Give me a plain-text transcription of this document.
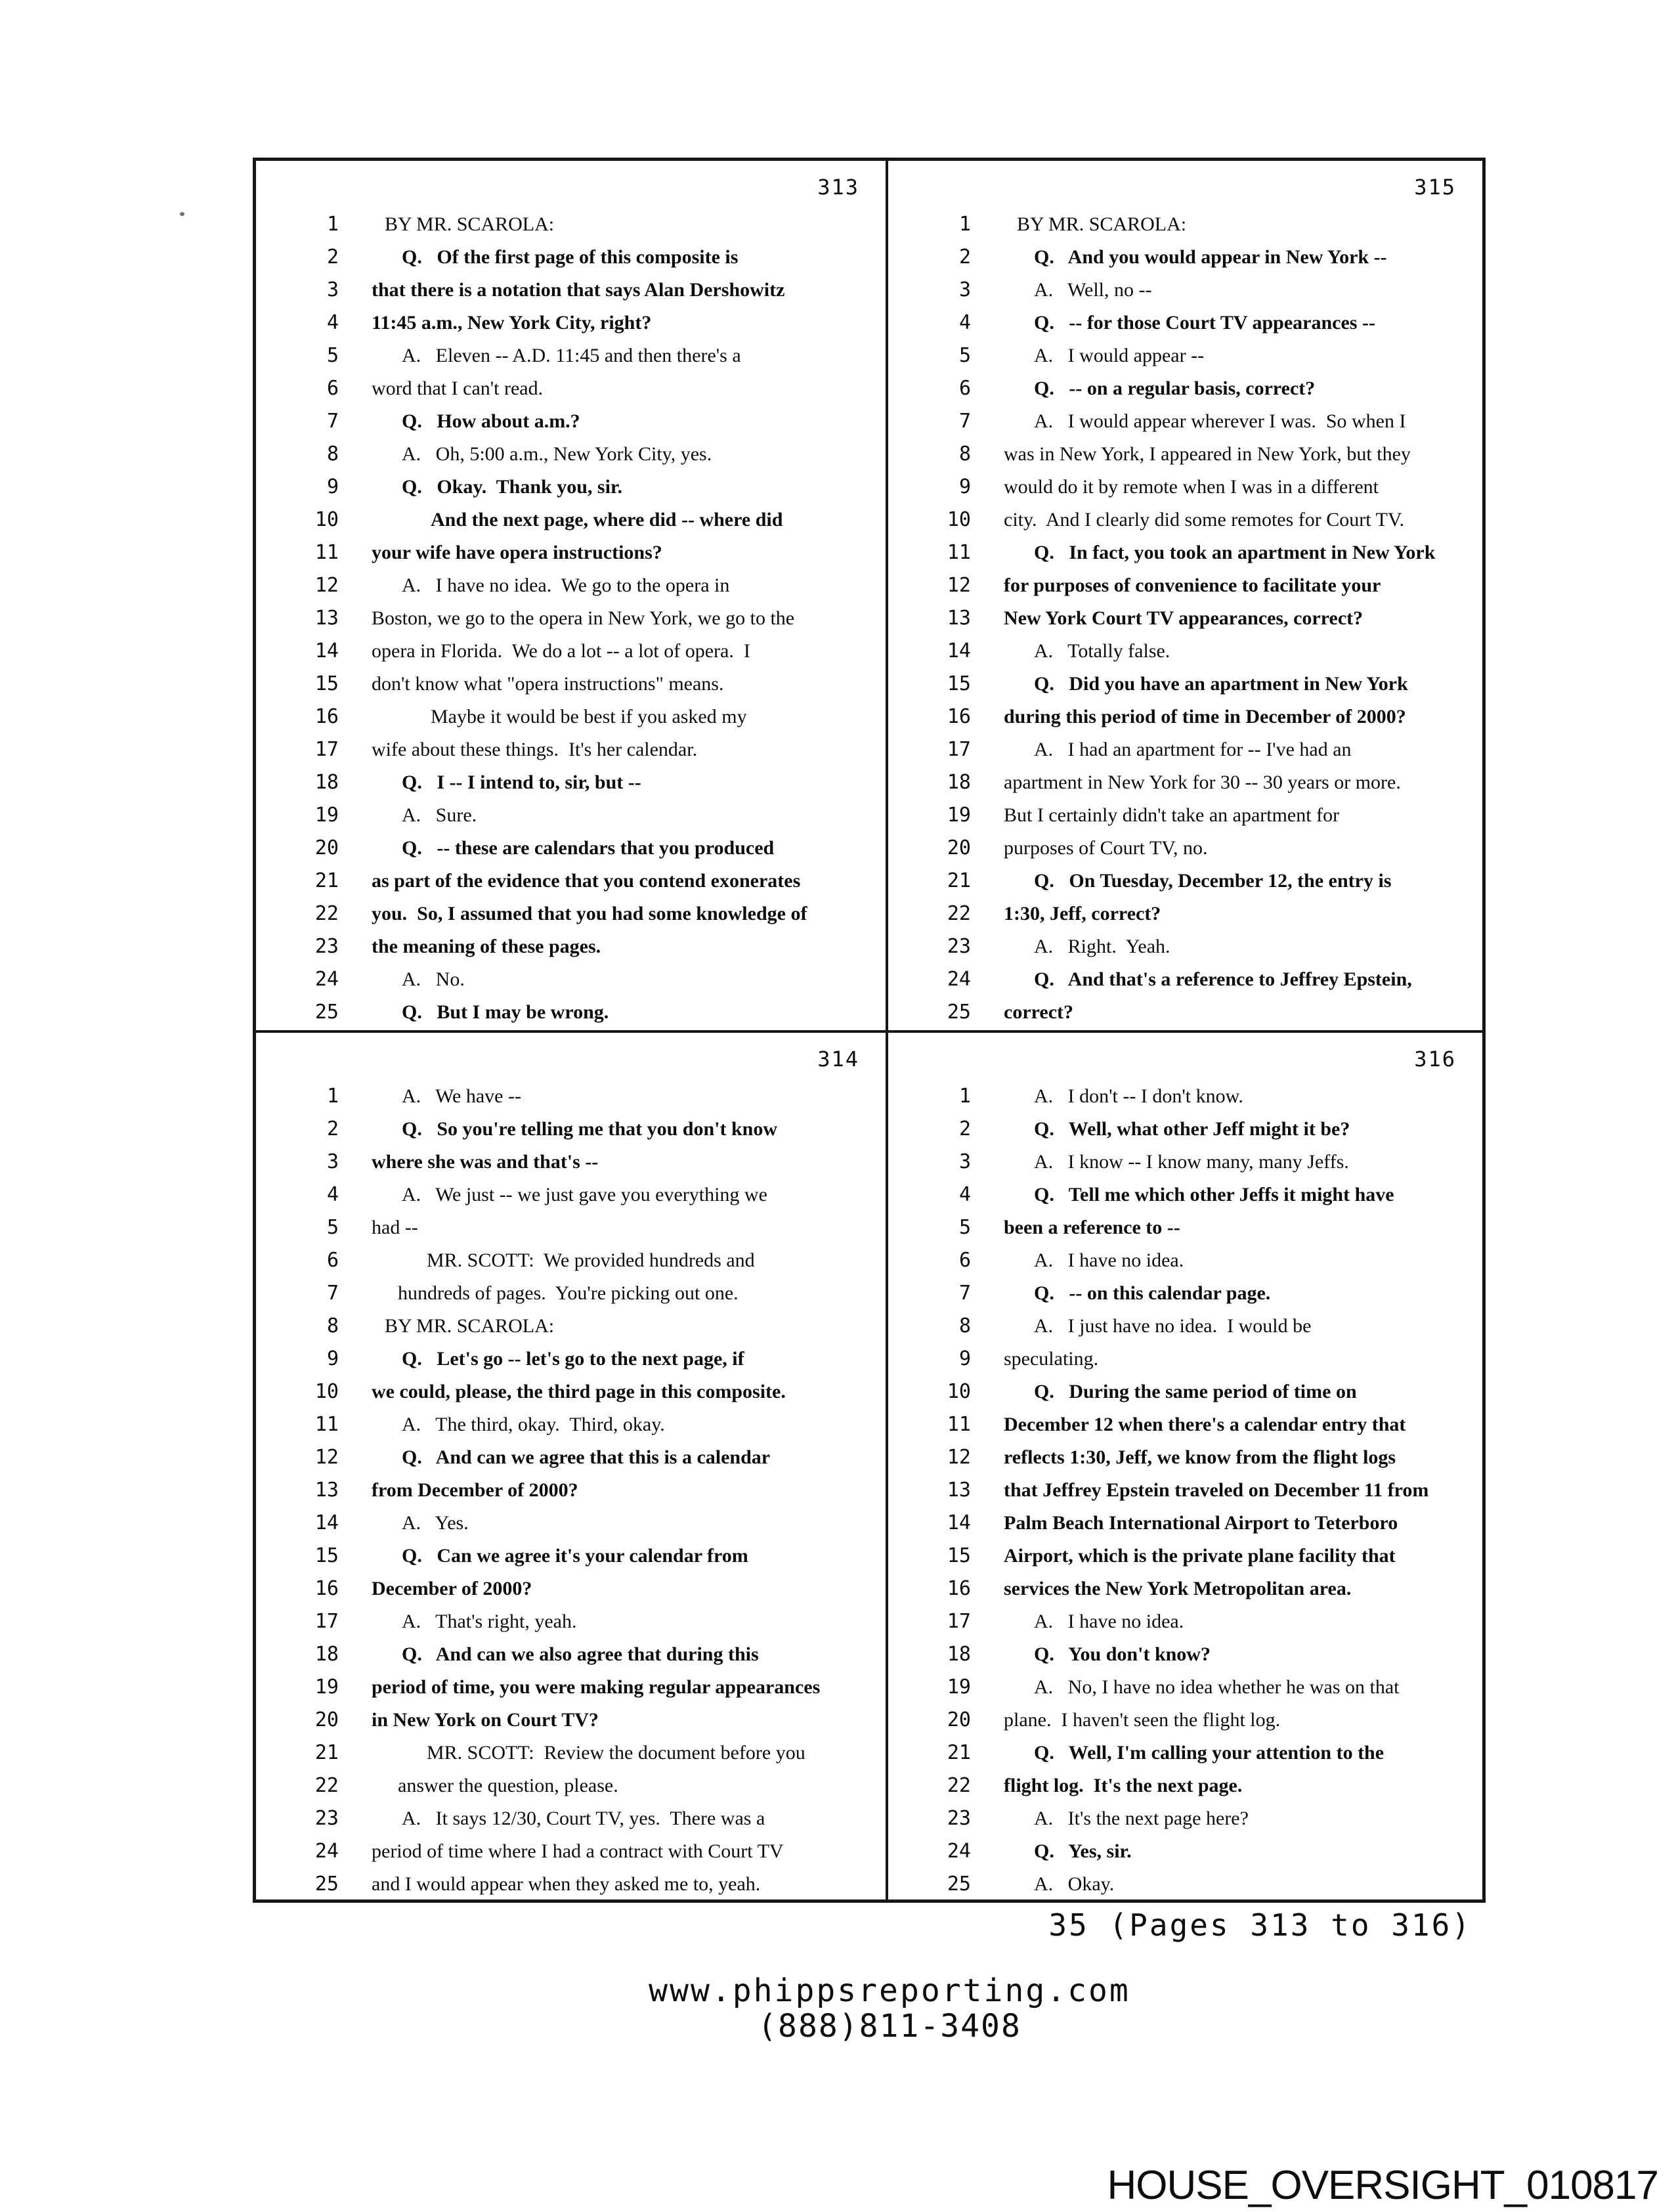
313
1	BY MR. SCAROLA:
2	Q.   Of the first page of this composite is
3 that there is a notation that says Alan Dershowitz
4 11:45 a.m., New York City, right?
5	A.   Eleven -- A.D. 11:45 and then there's a
6 word that I can't read.
7	Q.   How about a.m.?
8	A.   Oh, 5:00 a.m., New York City, yes.
9	Q.   Okay.  Thank you, sir.
10	And the next page, where did -- where did
11 your wife have opera instructions?
12	A.   I have no idea.  We go to the opera in
13 Boston, we go to the opera in New York, we go to the
14 opera in Florida.  We do a lot -- a lot of opera.  I
15 don't know what "opera instructions" means.
16	Maybe it would be best if you asked my
17 wife about these things.  It's her calendar.
18	Q.   I -- I intend to, sir, but --
19	A.   Sure.
20	Q.   -- these are calendars that you produced
21 as part of the evidence that you contend exonerates
22 you.  So, I assumed that you had some knowledge of
23 the meaning of these pages.
24	A.   No.
25	Q.   But I may be wrong.
315
1	BY MR. SCAROLA:
2	Q.   And you would appear in New York --
3	A.   Well, no --
4	Q.   -- for those Court TV appearances --
5	A.   I would appear --
6	Q.   -- on a regular basis, correct?
7	A.   I would appear wherever I was.  So when I
8 was in New York, I appeared in New York, but they
9 would do it by remote when I was in a different
10 city.  And I clearly did some remotes for Court TV.
11	Q.   In fact, you took an apartment in New York
12 for purposes of convenience to facilitate your
13 New York Court TV appearances, correct?
14	A.   Totally false.
15	Q.   Did you have an apartment in New York
16 during this period of time in December of 2000?
17	A.   I had an apartment for -- I've had an
18 apartment in New York for 30 -- 30 years or more.
19 But I certainly didn't take an apartment for
20 purposes of Court TV, no.
21	Q.   On Tuesday, December 12, the entry is
22 1:30, Jeff, correct?
23	A.   Right.  Yeah.
24	Q.   And that's a reference to Jeffrey Epstein,
25 correct?
314
1	A.   We have --
2	Q.   So you're telling me that you don't know
3 where she was and that's --
4	A.   We just -- we just gave you everything we
5 had --
6	MR. SCOTT:  We provided hundreds and
7	hundreds of pages.  You're picking out one.
8	BY MR. SCAROLA:
9	Q.   Let's go -- let's go to the next page, if
10 we could, please, the third page in this composite.
11	A.   The third, okay.  Third, okay.
12	Q.   And can we agree that this is a calendar
13 from December of 2000?
14	A.   Yes.
15	Q.   Can we agree it's your calendar from
16 December of 2000?
17	A.   That's right, yeah.
18	Q.   And can we also agree that during this
19 period of time, you were making regular appearances
20 in New York on Court TV?
21	MR. SCOTT:  Review the document before you
22	answer the question, please.
23	A.   It says 12/30, Court TV, yes.  There was a
24 period of time where I had a contract with Court TV
25 and I would appear when they asked me to, yeah.
316
1	A.   I don't -- I don't know.
2	Q.   Well, what other Jeff might it be?
3	A.   I know -- I know many, many Jeffs.
4	Q.   Tell me which other Jeffs it might have
5 been a reference to --
6	A.   I have no idea.
7	Q.   -- on this calendar page.
8	A.   I just have no idea.  I would be
9 speculating.
10	Q.   During the same period of time on
11 December 12 when there's a calendar entry that
12 reflects 1:30, Jeff, we know from the flight logs
13 that Jeffrey Epstein traveled on December 11 from
14 Palm Beach International Airport to Teterboro
15 Airport, which is the private plane facility that
16 services the New York Metropolitan area.
17	A.   I have no idea.
18	Q.   You don't know?
19	A.   No, I have no idea whether he was on that
20 plane.  I haven't seen the flight log.
21	Q.   Well, I'm calling your attention to the
22 flight log.  It's the next page.
23	A.   It's the next page here?
24	Q.   Yes, sir.
25	A.   Okay.
35 (Pages 313 to 316)
www.phippsreporting.com
(888)811-3408
HOUSE_OVERSIGHT_010817
